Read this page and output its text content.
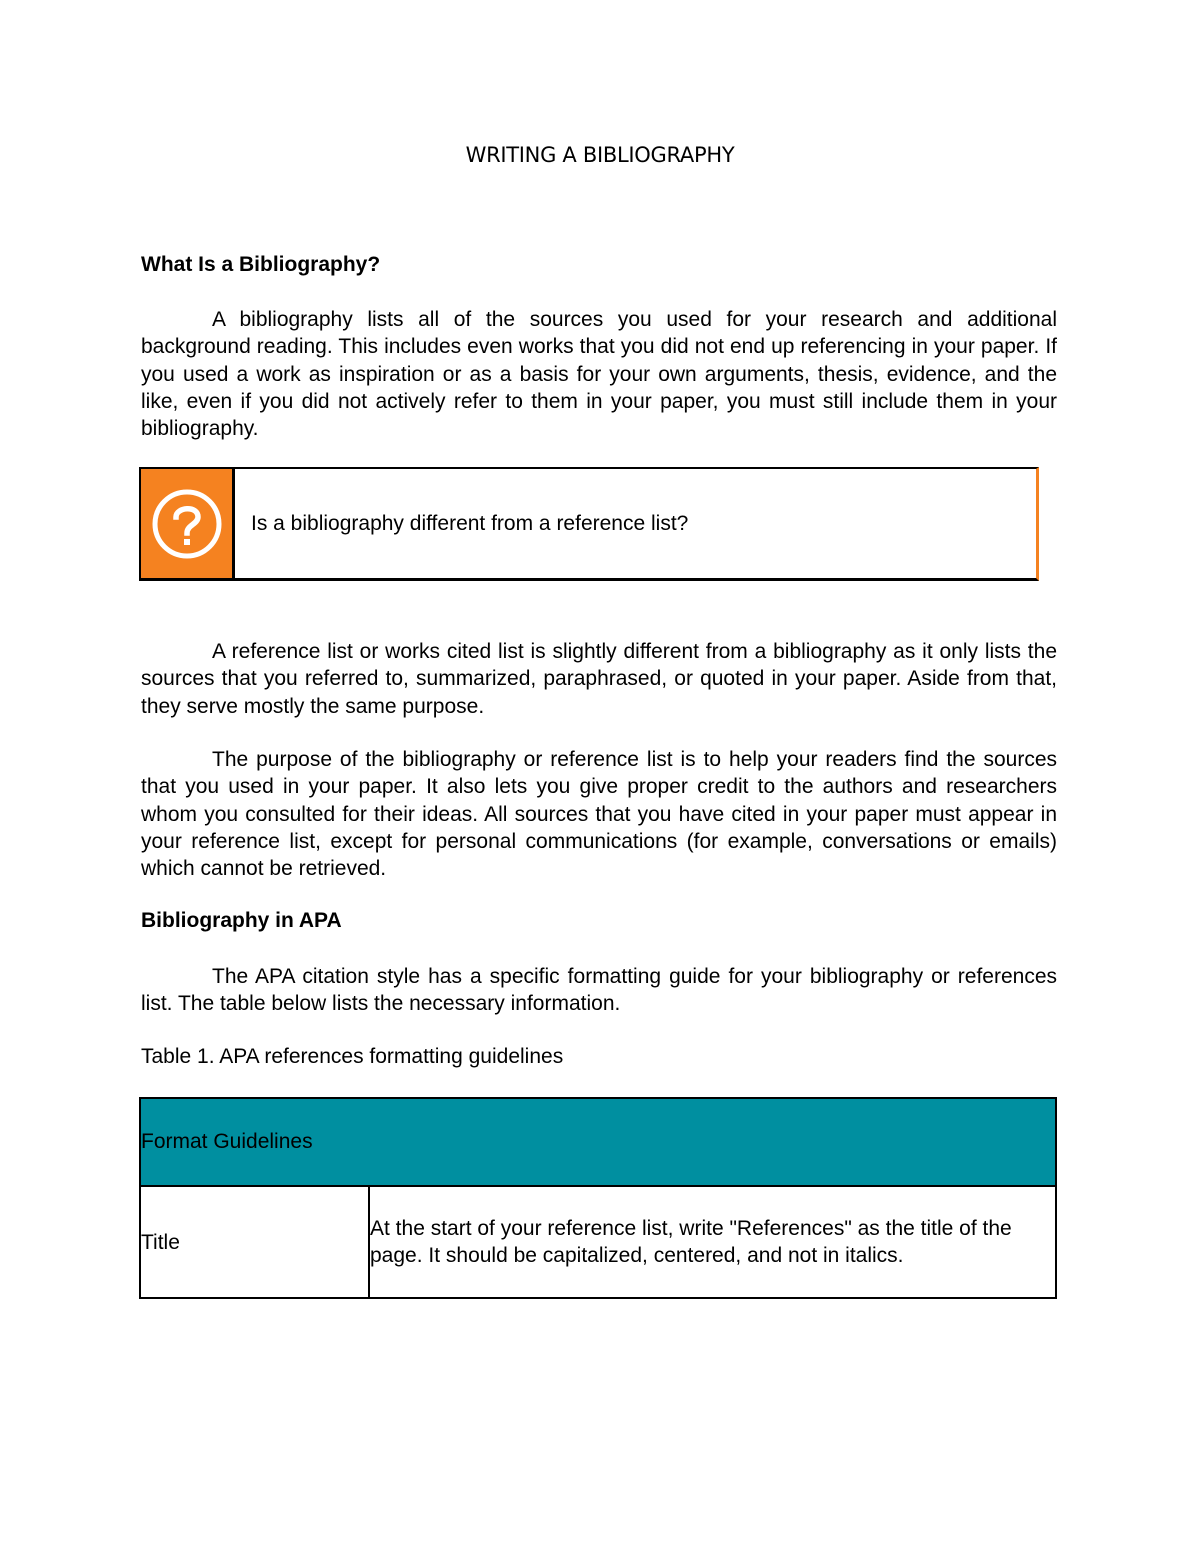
WRITING A BIBLIOGRAPHY
What Is a Bibliography?

A bibliography lists all of the sources you used for your research and additional background reading. This includes even works that you did not end up referencing in your paper. If you used a work as inspiration or as a basis for your own arguments, thesis, evidence, and the like, even if you did not actively refer to them in your paper, you must still include them in your bibliography.

Is a bibliography different from a reference list?

A reference list or works cited list is slightly different from a bibliography as it only lists the sources that you referred to, summarized, paraphrased, or quoted in your paper. Aside from that, they serve mostly the same purpose.

The purpose of the bibliography or reference list is to help your readers find the sources that you used in your paper. It also lets you give proper credit to the authors and researchers whom you consulted for their ideas. All sources that you have cited in your paper must appear in your reference list, except for personal communications (for example, conversations or emails) which cannot be retrieved.

Bibliography in APA

The APA citation style has a specific formatting guide for your bibliography or references list. The table below lists the necessary information.

Table 1. APA references formatting guidelines
Format Guidelines
Title	At the start of your reference list, write "References" as the title of the page. It should be capitalized, centered, and not in italics.
